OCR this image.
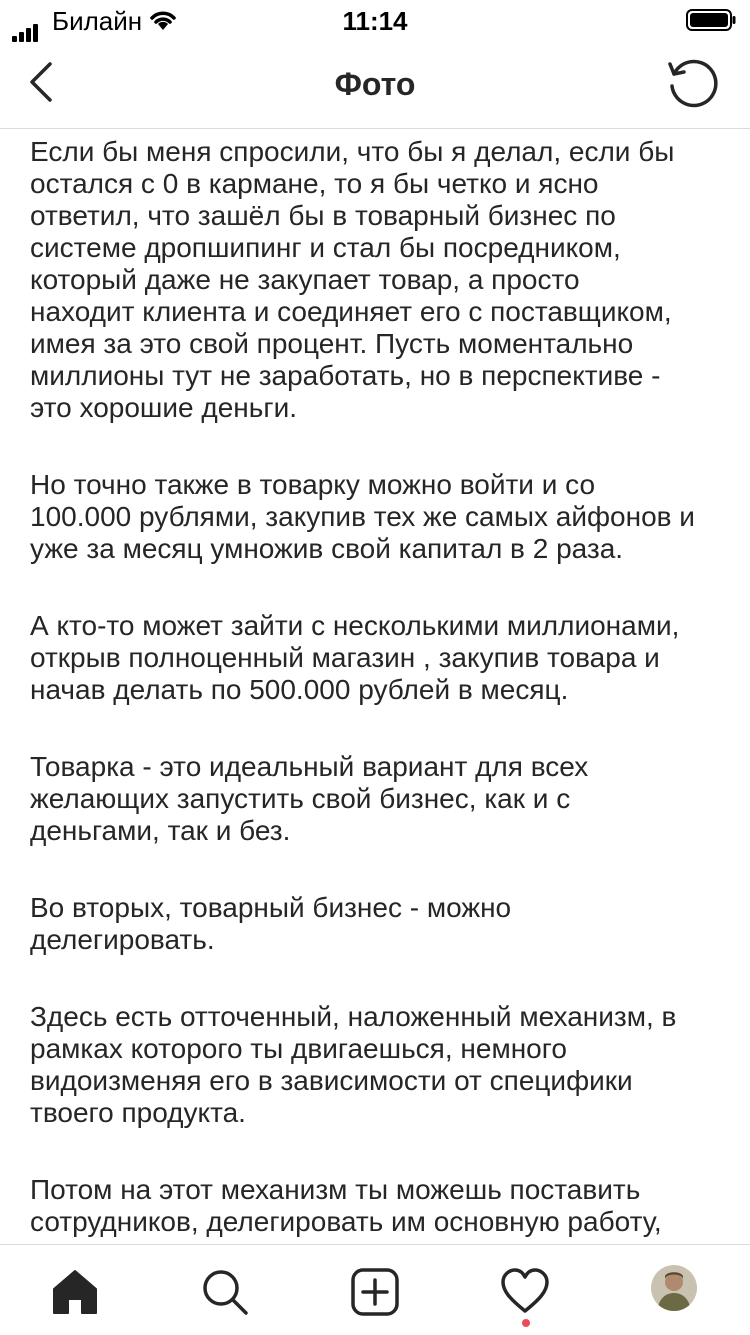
Билайн	11:14
Фото

Если бы меня спросили, что бы я делал, если бы
остался с 0 в кармане, то я бы четко и ясно
ответил, что зашёл бы в товарный бизнес по
системе дропшипинг и стал бы посредником,
который даже не закупает товар, а просто
находит клиента и соединяет его с поставщиком,
имея за это свой процент. Пусть моментально
миллионы тут не заработать, но в перспективе -
это хорошие деньги.

Но точно также в товарку можно войти и со
100.000 рублями, закупив тех же самых айфонов и
уже за месяц умножив свой капитал в 2 раза.

А кто-то может зайти с несколькими миллионами,
открыв полноценный магазин , закупив товара и
начав делать по 500.000 рублей в месяц.

Товарка - это идеальный вариант для всех
желающих запустить свой бизнес, как и с
деньгами, так и без.

Во вторых, товарный бизнес - можно
делегировать.

Здесь есть отточенный, наложенный механизм, в
рамках которого ты двигаешься, немного
видоизменяя его в зависимости от специфики
твоего продукта.

Потом на этот механизм ты можешь поставить
сотрудников, делегировать им основную работу,
